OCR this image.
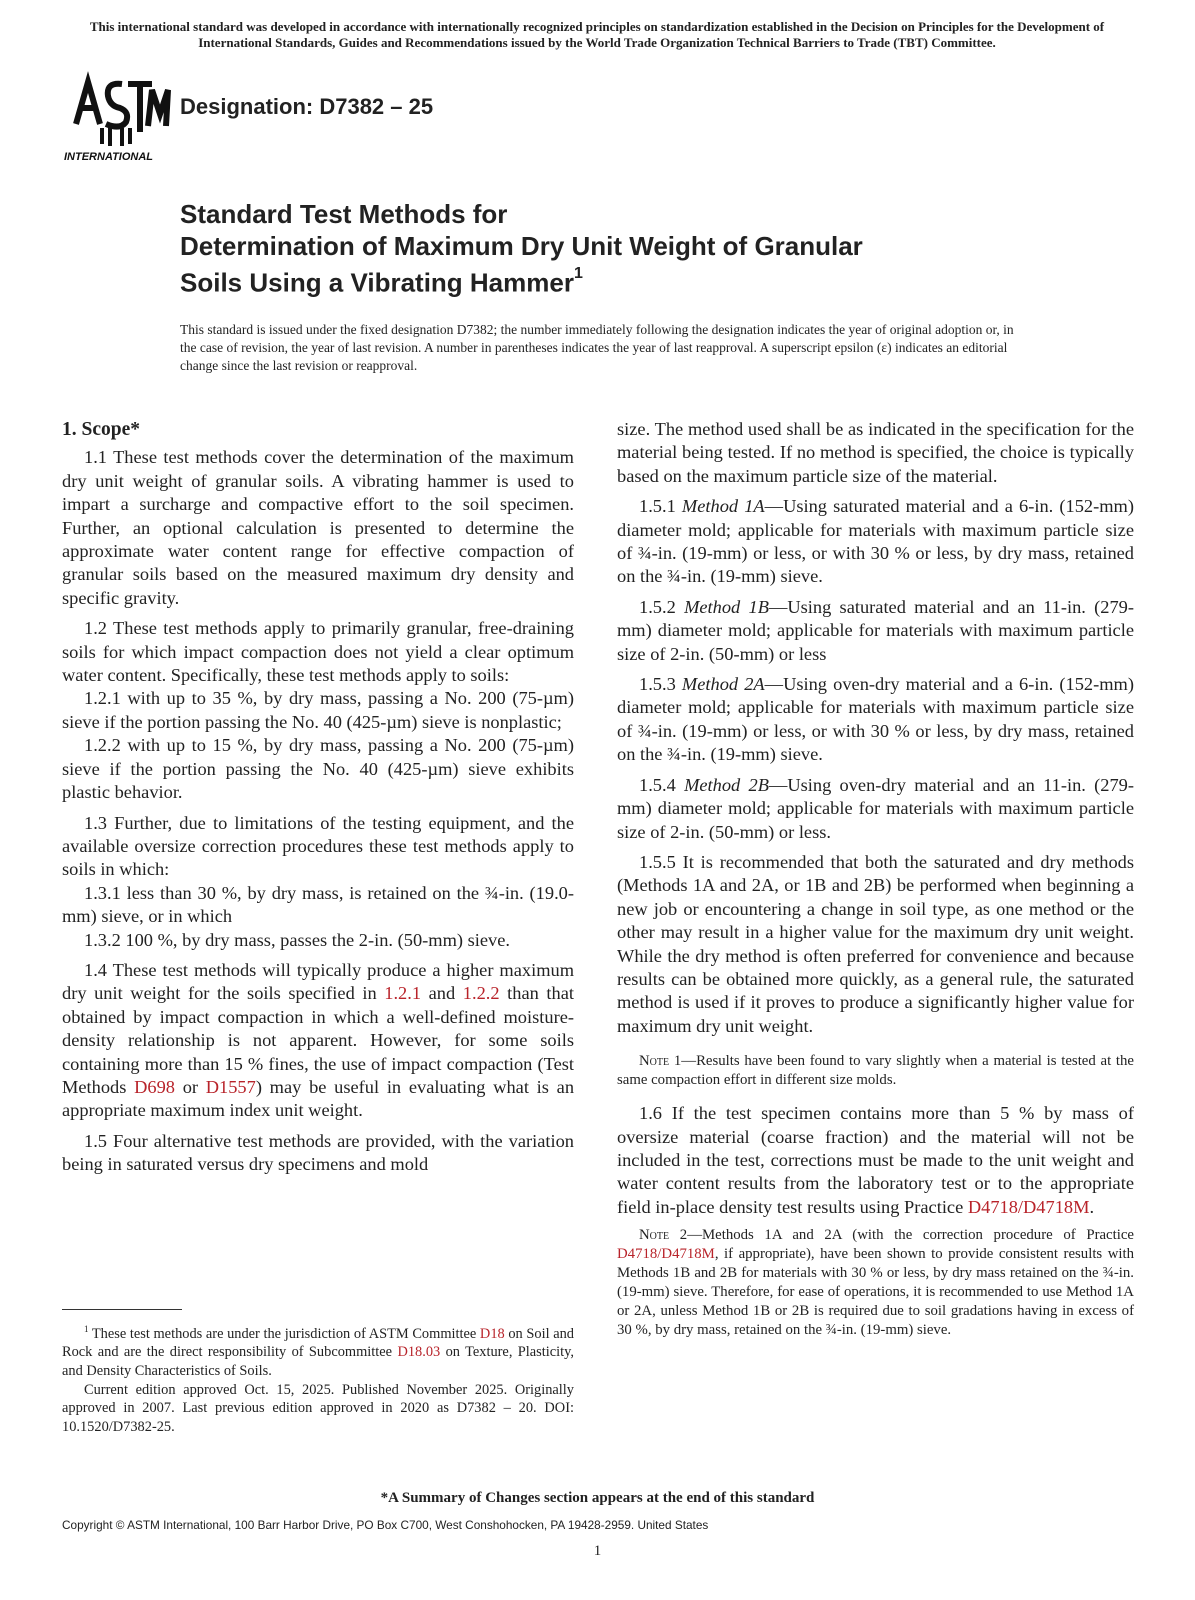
This international standard was developed in accordance with internationally recognized principles on standardization established in the Decision on Principles for the Development of International Standards, Guides and Recommendations issued by the World Trade Organization Technical Barriers to Trade (TBT) Committee.
INTERNATIONAL
Designation: D7382 – 25
Standard Test Methods for
Determination of Maximum Dry Unit Weight of Granular
Soils Using a Vibrating Hammer$^1$
This standard is issued under the fixed designation D7382; the number immediately following the designation indicates the year of original adoption or, in the case of revision, the year of last revision. A number in parentheses indicates the year of last reapproval. A superscript epsilon (ε) indicates an editorial change since the last revision or reapproval.
1. Scope*

1.1 These test methods cover the determination of the maximum dry unit weight of granular soils. A vibrating hammer is used to impart a surcharge and compactive effort to the soil specimen. Further, an optional calculation is presented to determine the approximate water content range for effective compaction of granular soils based on the measured maximum dry density and specific gravity.

1.2 These test methods apply to primarily granular, free-draining soils for which impact compaction does not yield a clear optimum water content. Specifically, these test methods apply to soils:

1.2.1 with up to 35 %, by dry mass, passing a No. 200 (75-µm) sieve if the portion passing the No. 40 (425-µm) sieve is nonplastic;

1.2.2 with up to 15 %, by dry mass, passing a No. 200 (75-µm) sieve if the portion passing the No. 40 (425-µm) sieve exhibits plastic behavior.

1.3 Further, due to limitations of the testing equipment, and the available oversize correction procedures these test methods apply to soils in which:

1.3.1 less than 30 %, by dry mass, is retained on the ¾-in. (19.0-mm) sieve, or in which

1.3.2 100 %, by dry mass, passes the 2-in. (50-mm) sieve.

1.4 These test methods will typically produce a higher maximum dry unit weight for the soils specified in 1.2.1 and 1.2.2 than that obtained by impact compaction in which a well-defined moisture-density relationship is not apparent. However, for some soils containing more than 15 % fines, the use of impact compaction (Test Methods D698 or D1557) may be useful in evaluating what is an appropriate maximum index unit weight.

1.5 Four alternative test methods are provided, with the variation being in saturated versus dry specimens and mold

$^1$ These test methods are under the jurisdiction of ASTM Committee D18 on Soil and Rock and are the direct responsibility of Subcommittee D18.03 on Texture, Plasticity, and Density Characteristics of Soils.

Current edition approved Oct. 15, 2025. Published November 2025. Originally approved in 2007. Last previous edition approved in 2020 as D7382 – 20. DOI: 10.1520/D7382-25.

size. The method used shall be as indicated in the specification for the material being tested. If no method is specified, the choice is typically based on the maximum particle size of the material.

1.5.1 Method 1A—Using saturated material and a 6-in. (152-mm) diameter mold; applicable for materials with maximum particle size of ¾-in. (19-mm) or less, or with 30 % or less, by dry mass, retained on the ¾-in. (19-mm) sieve.

1.5.2 Method 1B—Using saturated material and an 11-in. (279-mm) diameter mold; applicable for materials with maximum particle size of 2-in. (50-mm) or less

1.5.3 Method 2A—Using oven-dry material and a 6-in. (152-mm) diameter mold; applicable for materials with maximum particle size of ¾-in. (19-mm) or less, or with 30 % or less, by dry mass, retained on the ¾-in. (19-mm) sieve.

1.5.4 Method 2B—Using oven-dry material and an 11-in. (279-mm) diameter mold; applicable for materials with maximum particle size of 2-in. (50-mm) or less.

1.5.5 It is recommended that both the saturated and dry methods (Methods 1A and 2A, or 1B and 2B) be performed when beginning a new job or encountering a change in soil type, as one method or the other may result in a higher value for the maximum dry unit weight. While the dry method is often preferred for convenience and because results can be obtained more quickly, as a general rule, the saturated method is used if it proves to produce a significantly higher value for maximum dry unit weight.

Note 1—Results have been found to vary slightly when a material is tested at the same compaction effort in different size molds.

1.6 If the test specimen contains more than 5 % by mass of oversize material (coarse fraction) and the material will not be included in the test, corrections must be made to the unit weight and water content results from the laboratory test or to the appropriate field in-place density test results using Practice D4718/D4718M.

Note 2—Methods 1A and 2A (with the correction procedure of Practice D4718/D4718M, if appropriate), have been shown to provide consistent results with Methods 1B and 2B for materials with 30 % or less, by dry mass retained on the ¾-in. (19-mm) sieve. Therefore, for ease of operations, it is recommended to use Method 1A or 2A, unless Method 1B or 2B is required due to soil gradations having in excess of 30 %, by dry mass, retained on the ¾-in. (19-mm) sieve.

*A Summary of Changes section appears at the end of this standard
Copyright © ASTM International, 100 Barr Harbor Drive, PO Box C700, West Conshohocken, PA 19428-2959. United States
1
